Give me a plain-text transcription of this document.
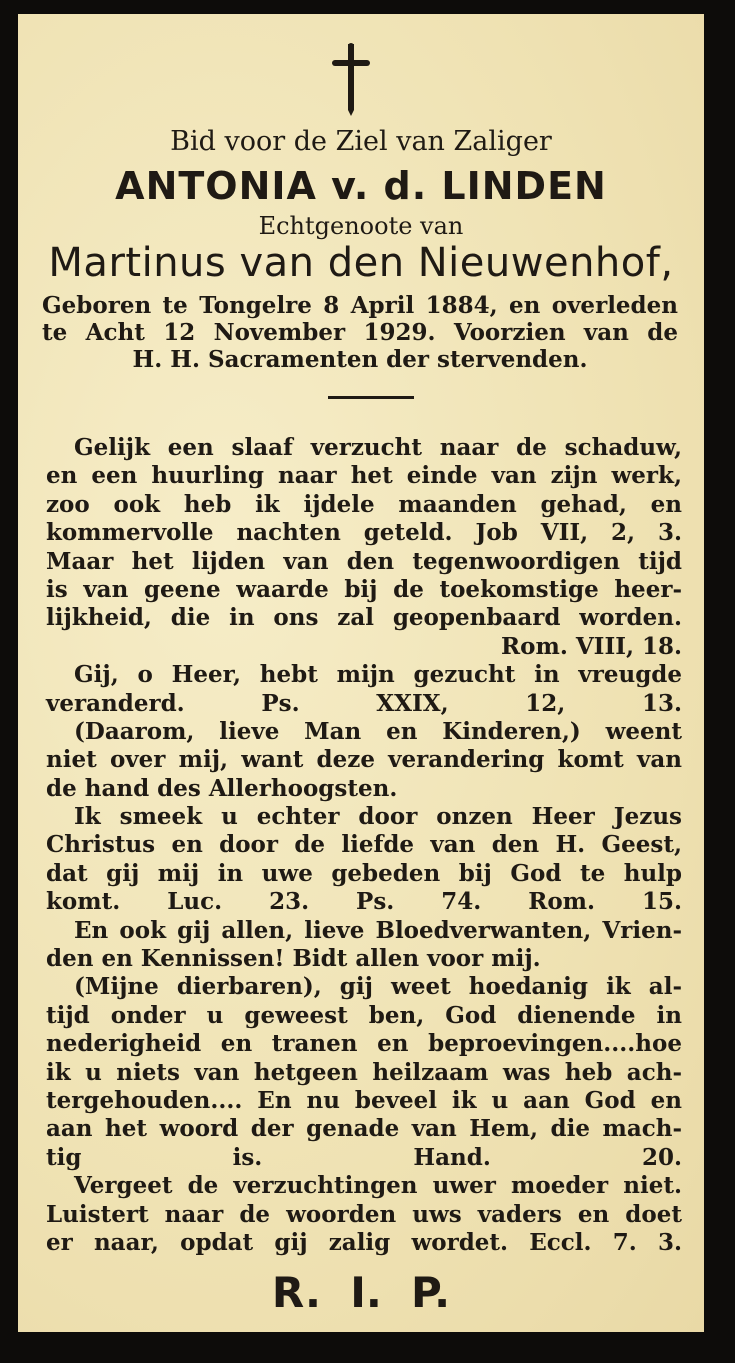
Bid voor de Ziel van Zaliger
ANTONIA v. d. LINDEN
Echtgenoote van
Martinus van den Nieuwenhof,
Geboren te Tongelre 8 April 1884, en overleden
te Acht 12 November 1929. Voorzien van de
H. H. Sacramenten der stervenden.
Gelijk een slaaf verzucht naar de schaduw,
en een huurling naar het einde van zijn werk,
zoo ook heb ik ijdele maanden gehad, en
kommervolle nachten geteld. Job VII, 2, 3.
Maar het lijden van den tegenwoordigen tijd
is van geene waarde bij de toekomstige heer-
lijkheid, die in ons zal geopenbaard worden.
Rom. VIII, 18.
Gij, o Heer, hebt mijn gezucht in vreugde
veranderd. Ps. XXIX, 12, 13.
(Daarom, lieve Man en Kinderen,) weent
niet over mij, want deze verandering komt van
de hand des Allerhoogsten.
Ik smeek u echter door onzen Heer Jezus
Christus en door de liefde van den H. Geest,
dat gij mij in uwe gebeden bij God te hulp
komt. Luc. 23. Ps. 74. Rom. 15.
En ook gij allen, lieve Bloedverwanten, Vrien-
den en Kennissen! Bidt allen voor mij.
(Mijne dierbaren), gij weet hoedanig ik al-
tijd onder u geweest ben, God dienende in
nederigheid en tranen en beproevingen....hoe
ik u niets van hetgeen heilzaam was heb ach-
tergehouden.... En nu beveel ik u aan God en
aan het woord der genade van Hem, die mach-
tig is. Hand. 20.
Vergeet de verzuchtingen uwer moeder niet.
Luistert naar de woorden uws vaders en doet
er naar, opdat gij zalig wordet. Eccl. 7. 3.
R.  I.  P.
